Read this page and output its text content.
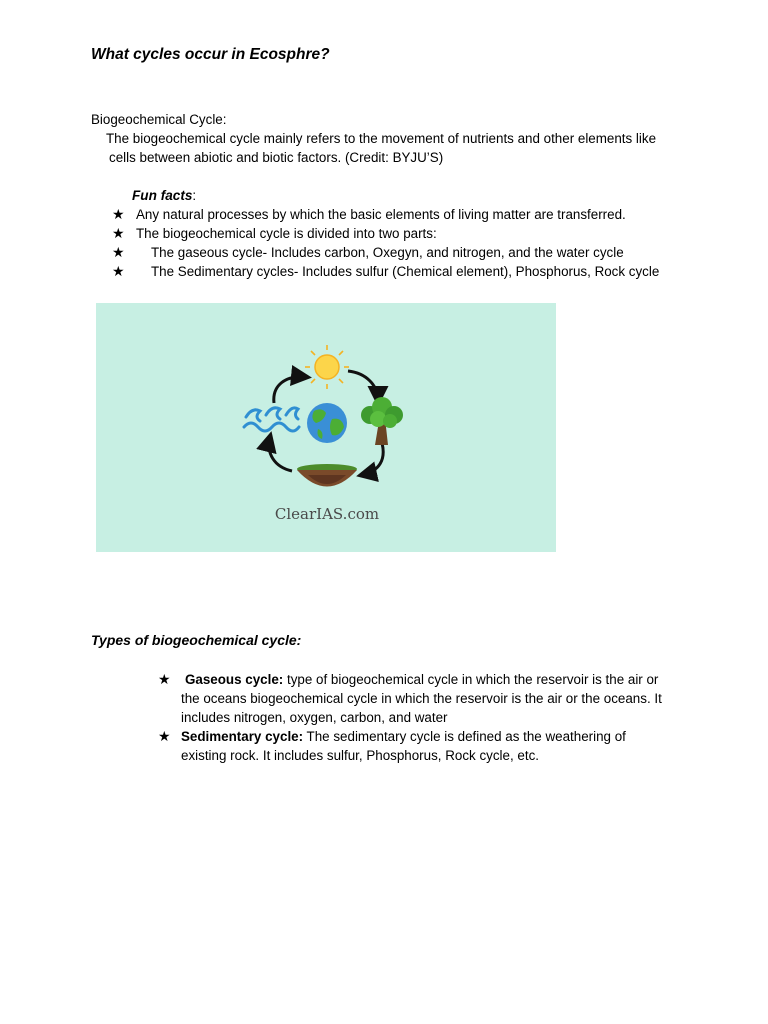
What cycles occur in Ecosphre?
Biogeochemical Cycle:
The biogeochemical cycle mainly refers to the movement of nutrients and other elements like
cells between abiotic and biotic factors. (Credit: BYJU’S)
Fun facts:
★ Any natural processes by which the basic elements of living matter are transferred.
★ The biogeochemical cycle is divided into two parts:
★ The gaseous cycle- Includes carbon, Oxegyn, and nitrogen, and the water cycle
★ The Sedimentary cycles- Includes sulfur (Chemical element), Phosphorus, Rock cycle
ClearIAS.com
Types of biogeochemical cycle:
★ Gaseous cycle: type of biogeochemical cycle in which the reservoir is the air or
the oceans biogeochemical cycle in which the reservoir is the air or the oceans. It
includes nitrogen, oxygen, carbon, and water
★ Sedimentary cycle: The sedimentary cycle is defined as the weathering of
existing rock. It includes sulfur, Phosphorus, Rock cycle, etc.
